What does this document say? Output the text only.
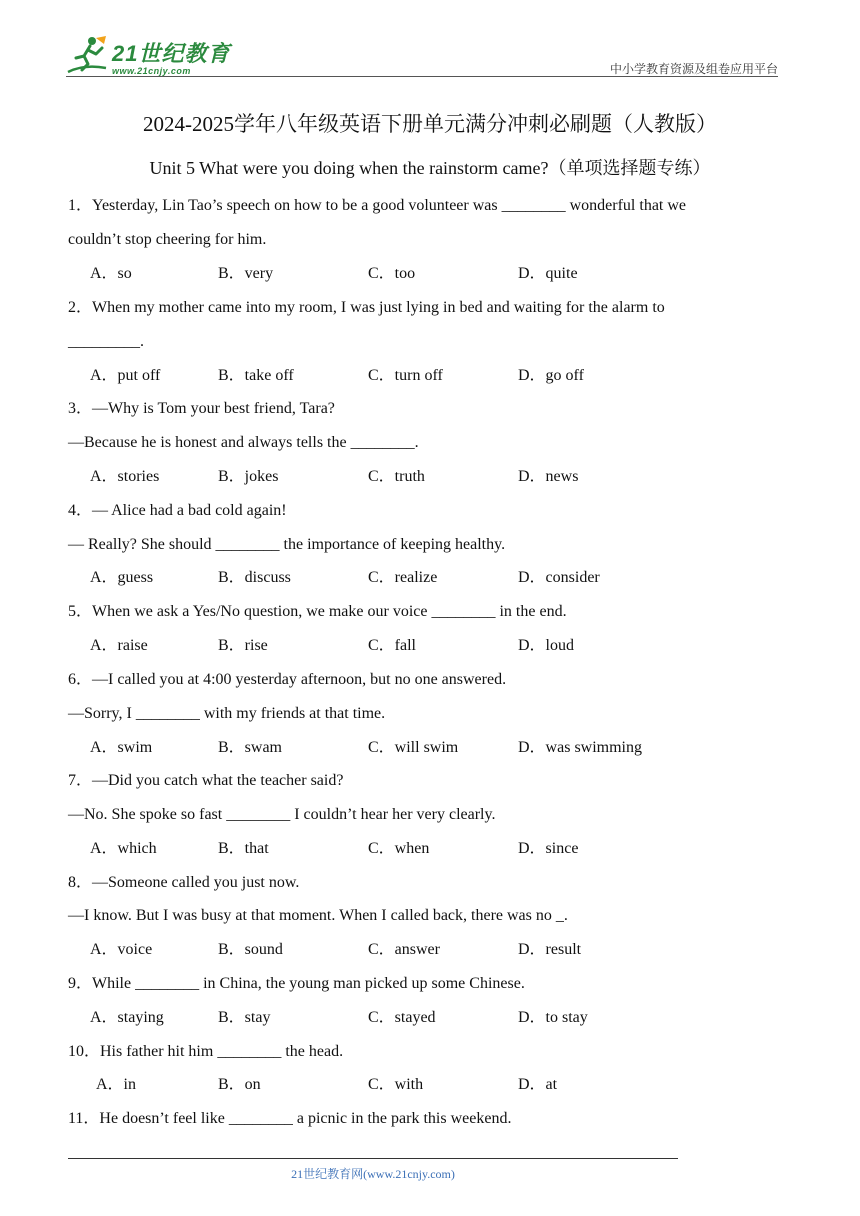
21世纪教育
www.21cnjy.com	中小学教育资源及组卷应用平台
2024-2025学年八年级英语下册单元满分冲刺必刷题（人教版）
Unit 5 What were you doing when the rainstorm came?（单项选择题专练）
1．Yesterday, Lin Tao’s speech on how to be a good volunteer was ________ wonderful that we
couldn’t stop cheering for him.
A．so	B．very	C．too	D．quite
2．When my mother came into my room, I was just lying in bed and waiting for the alarm to
_________.
A．put off	B．take off	C．turn off	D．go off
3．—Why is Tom your best friend, Tara?
—Because he is honest and always tells the ________.
A．stories	B．jokes	C．truth	D．news
4．— Alice had a bad cold again!
— Really? She should ________ the importance of keeping healthy.
A．guess	B．discuss	C．realize	D．consider
5．When we ask a Yes/No question, we make our voice ________ in the end.
A．raise	B．rise	C．fall	D．loud
6．—I called you at 4:00 yesterday afternoon, but no one answered.
—Sorry, I ________ with my friends at that time.
A．swim	B．swam	C．will swim	D．was swimming
7．—Did you catch what the teacher said?
—No. She spoke so fast ________ I couldn’t hear her very clearly.
A．which	B．that	C．when	D．since
8．—Someone called you just now.
—I know. But I was busy at that moment. When I called back, there was no _.
A．voice	B．sound	C．answer	D．result
9．While ________ in China, the young man picked up some Chinese.
A．staying	B．stay	C．stayed	D．to stay
10．His father hit him ________ the head.
A．in	B．on	C．with	D．at
11．He doesn’t feel like ________ a picnic in the park this weekend.
21世纪教育网(www.21cnjy.com)
